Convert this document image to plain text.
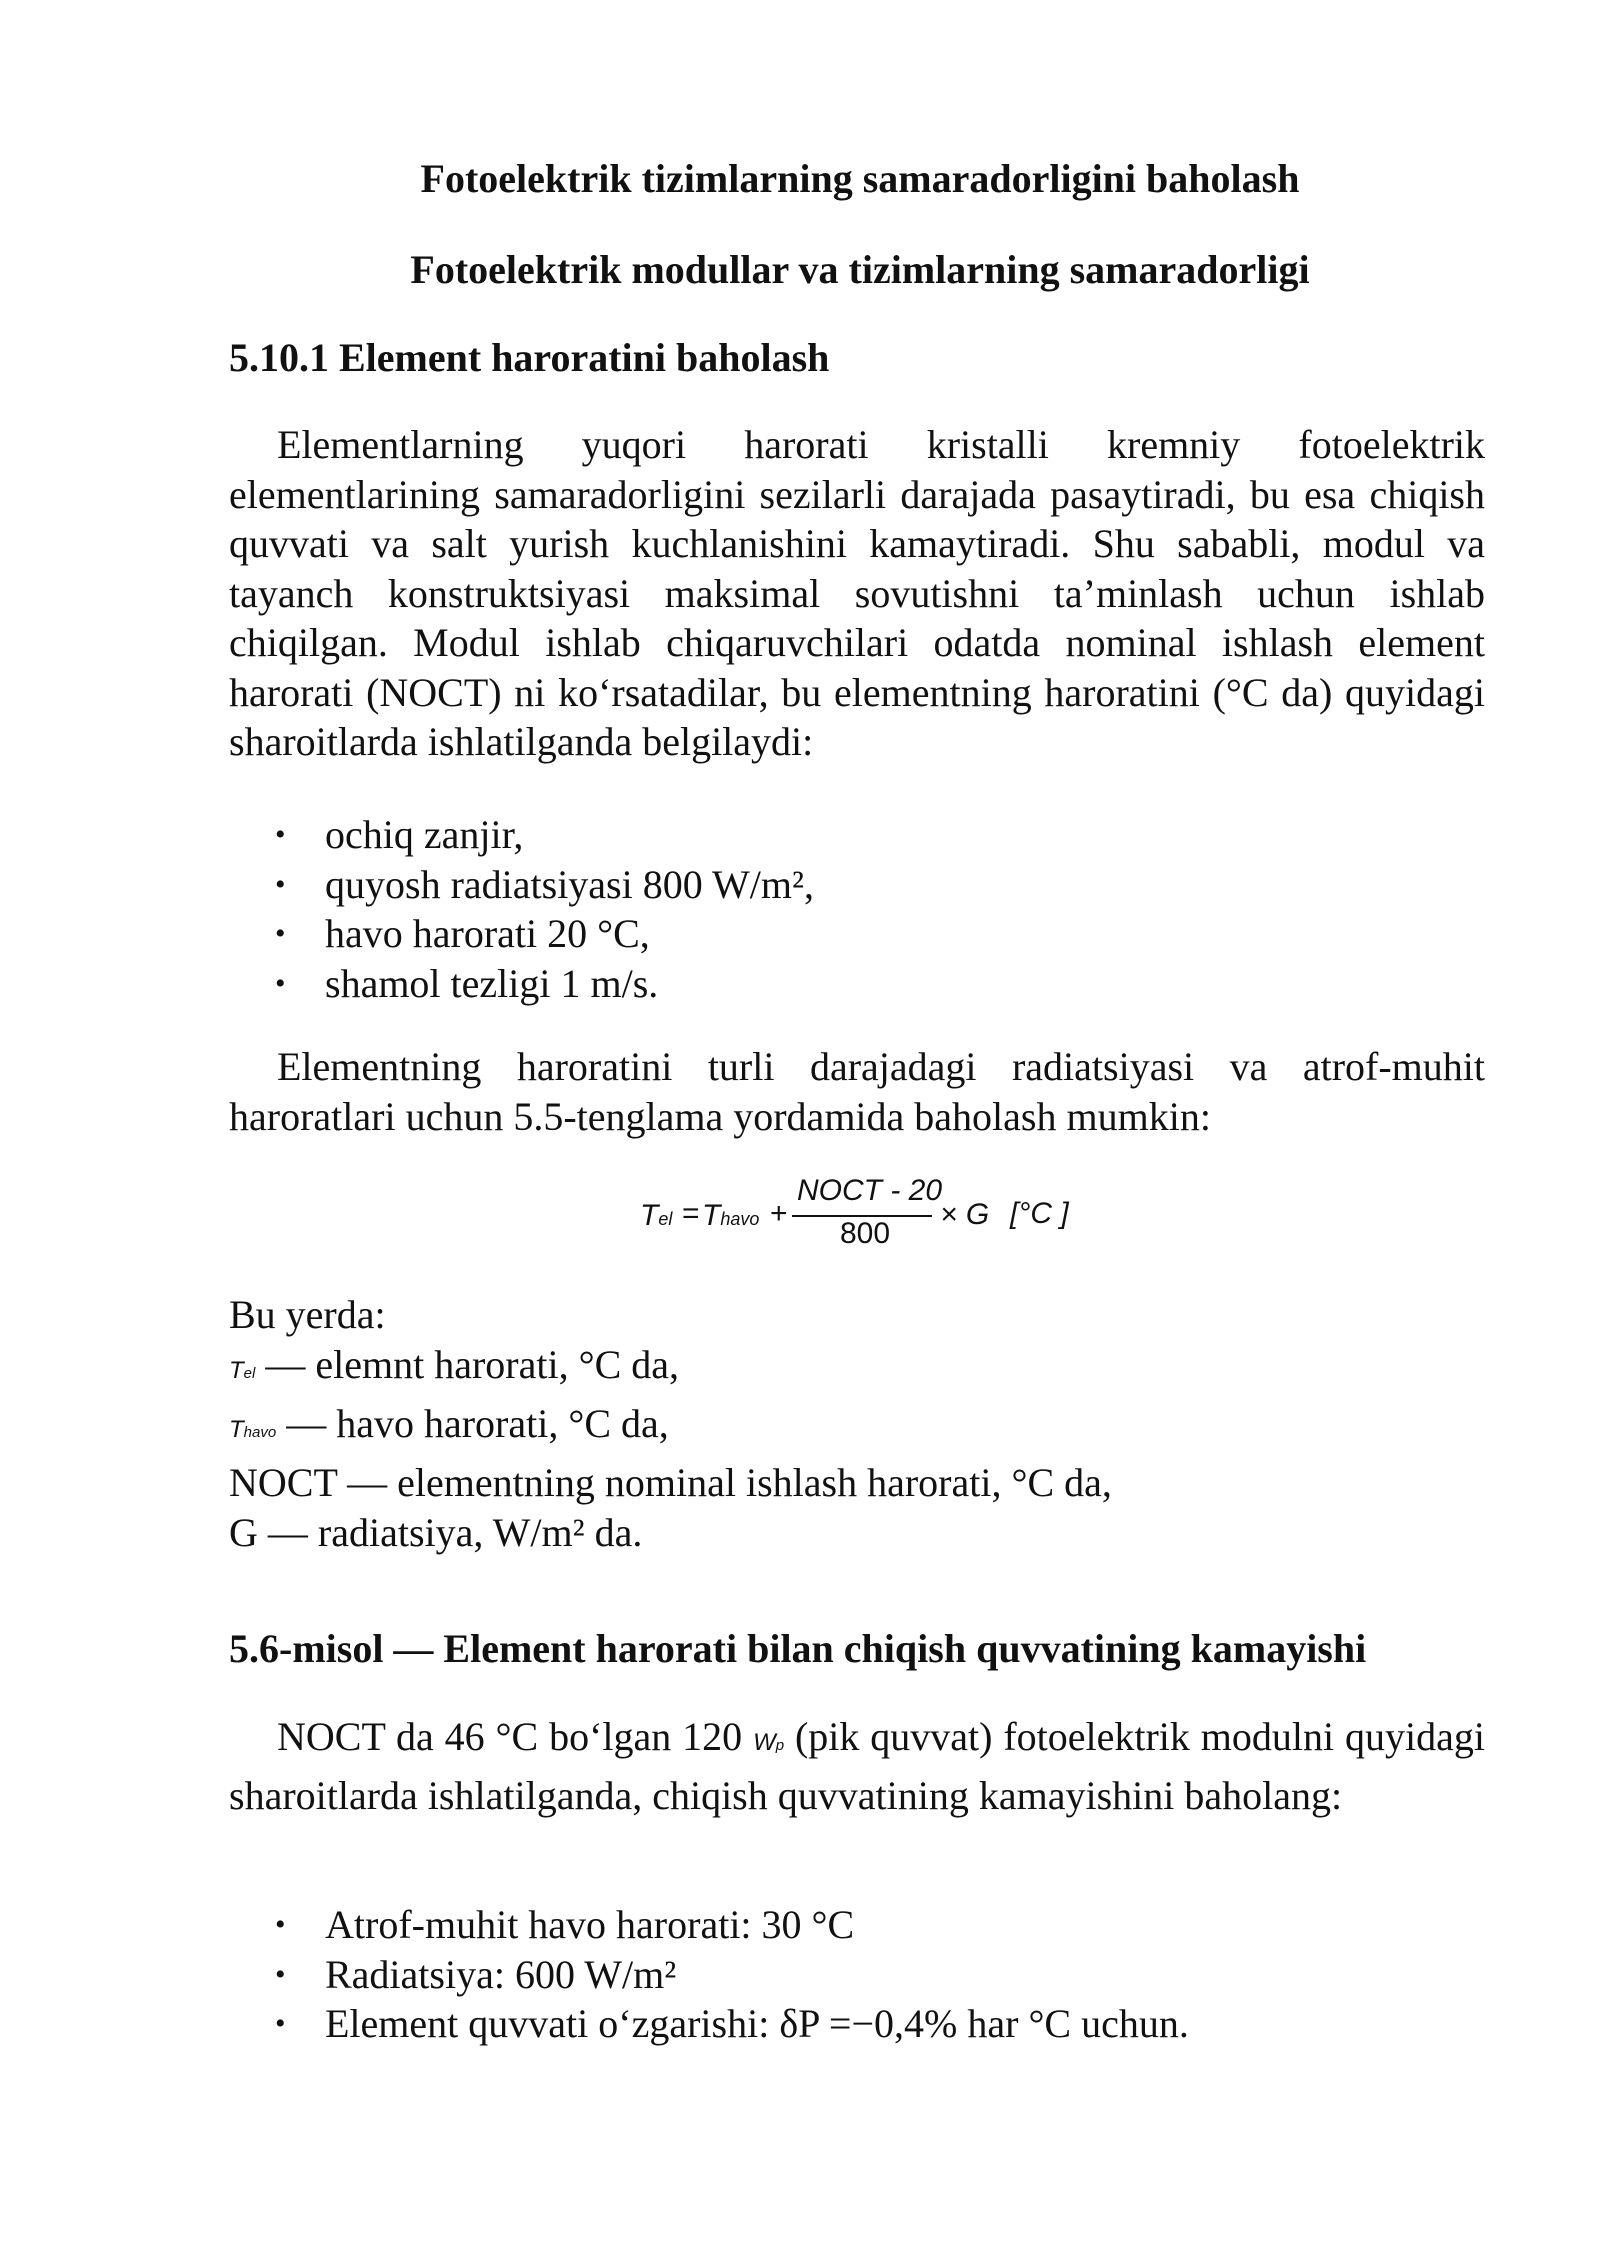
Fotoelektrik tizimlarning samaradorligini baholash
Fotoelektrik modullar va tizimlarning samaradorligi
5.10.1 Element haroratini baholash

Elementlarning yuqori harorati kristalli kremniy fotoelektrik elementlarining samaradorligini sezilarli darajada pasaytiradi, bu esa chiqish quvvati va salt yurish kuchlanishini kamaytiradi. Shu sababli, modul va tayanch konstruktsiyasi maksimal sovutishni ta’minlash uchun ishlab chiqilgan. Modul ishlab chiqaruvchilari odatda nominal ishlash element harorati (NOCT) ni ko‘rsatadilar, bu elementning haroratini (°C da) quyidagi sharoitlarda ishlatilganda belgilaydi:

• ochiq zanjir,
• quyosh radiatsiyasi 800 W/m²,
• havo harorati 20 °C,
• shamol tezligi 1 m/s.

Elementning haroratini turli darajadagi radiatsiyasi va atrof-muhit haroratlari uchun 5.5-tenglama yordamida baholash mumkin:

Tel = Thavo +
NOCT - 20
800
× G [°C ]
Bu yerda:
Tel — elemnt harorati, °C da,
Thavo — havo harorati, °C da,
NOCT — elementning nominal ishlash harorati, °C da,
G — radiatsiya, W/m² da.
5.6-misol — Element harorati bilan chiqish quvvatining kamayishi

NOCT da 46 °C bo‘lgan 120 Wp (pik quvvat) fotoelektrik modulni quyidagi sharoitlarda ishlatilganda, chiqish quvvatining kamayishini baholang:

• Atrof-muhit havo harorati: 30 °C
• Radiatsiya: 600 W/m²
• Element quvvati o‘zgarishi: δP =−0,4% har °C uchun.
